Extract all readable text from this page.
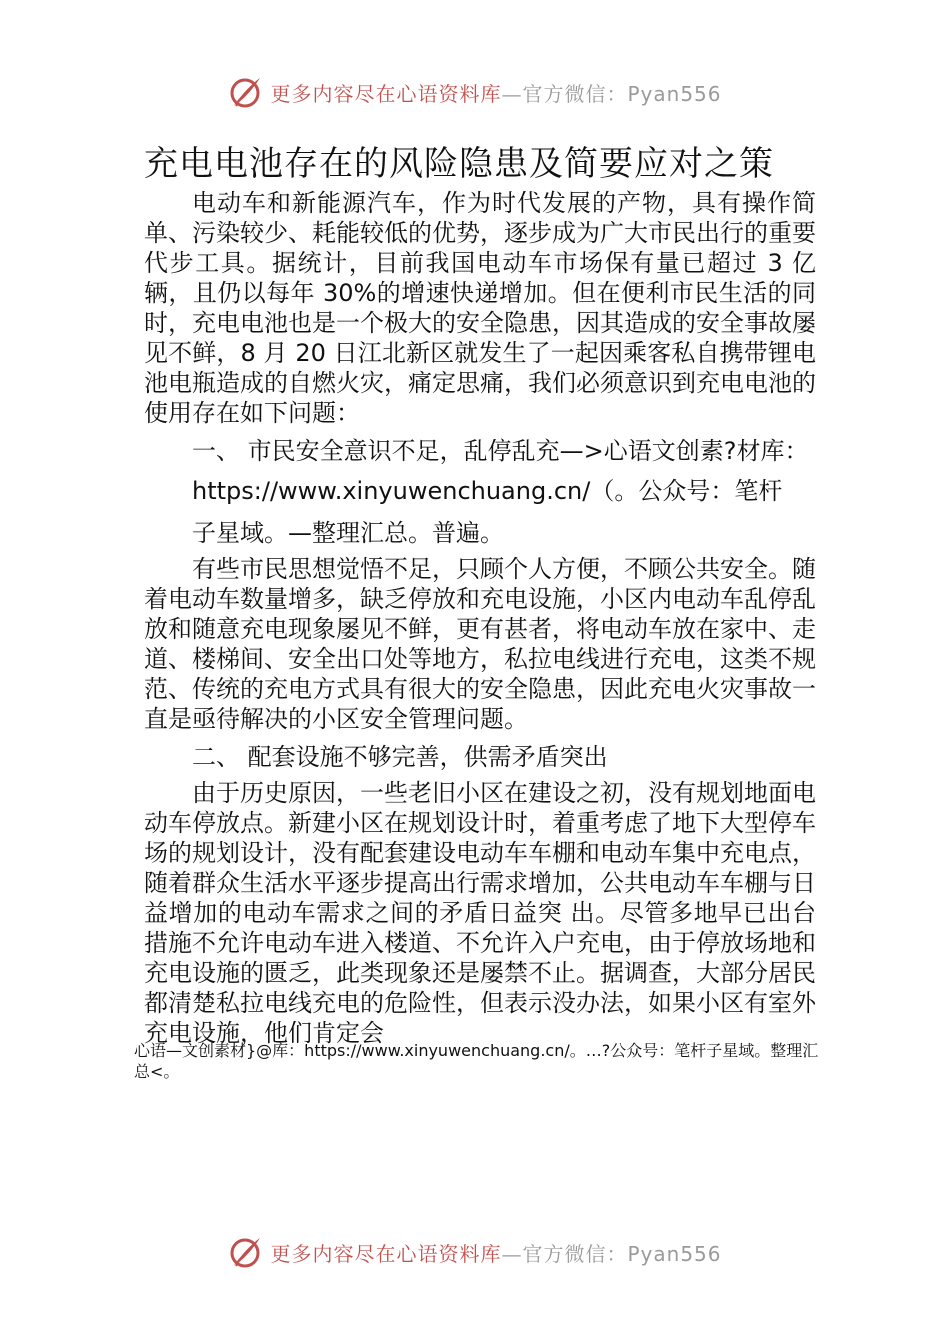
更多内容尽在心语资料库—官方微信：Pyan556
充电电池存在的风险隐患及简要应对之策

电动车和新能源汽车，作为时代发展的产物，具有操作简单、污染较少、耗能较低的优势，逐步成为广大市民出行的重要代步工具。据统计，目前我国电动车市场保有量已超过 3 亿辆，且仍以每年 30%的增速快递增加。但在便利市民生活的同时，充电电池也是一个极大的安全隐患，因其造成的安全事故屡见不鲜，8 月 20 日江北新区就发生了一起因乘客私自携带锂电池电瓶造成的自燃火灾，痛定思痛，我们必须意识到充电电池的使用存在如下问题：

一、 市民安全意识不足，乱停乱充—>心语文创素?材库：

https://www.xinyuwenchuang.cn/（。公众号：笔杆

子星域。—整理汇总。普遍。

有些市民思想觉悟不足，只顾个人方便，不顾公共安全。随着电动车数量增多，缺乏停放和充电设施，小区内电动车乱停乱放和随意充电现象屡见不鲜，更有甚者，将电动车放在家中、走道、楼梯间、安全出口处等地方，私拉电线进行充电，这类不规范、传统的充电方式具有很大的安全隐患，因此充电火灾事故一直是亟待解决的小区安全管理问题。

二、 配套设施不够完善，供需矛盾突出

由于历史原因，一些老旧小区在建设之初，没有规划地面电动车停放点。新建小区在规划设计时，着重考虑了地下大型停车场的规划设计，没有配套建设电动车车棚和电动车集中充电点，随着群众生活水平逐步提高出行需求增加，公共电动车车棚与日益增加的电动车需求之间的矛盾日益突 出。尽管多地早已出台措施不允许电动车进入楼道、不允许入户充电，由于停放场地和充电设施的匮乏，此类现象还是屡禁不止。据调查，大部分居民都清楚私拉电线充电的危险性，但表示没办法，如果小区有室外充电设施，他们肯定会

心语—文创素材}@库：https://www.xinyuwenchuang.cn/。…?公众号：笔杆子星域。整理汇总<。
更多内容尽在心语资料库—官方微信：Pyan556
